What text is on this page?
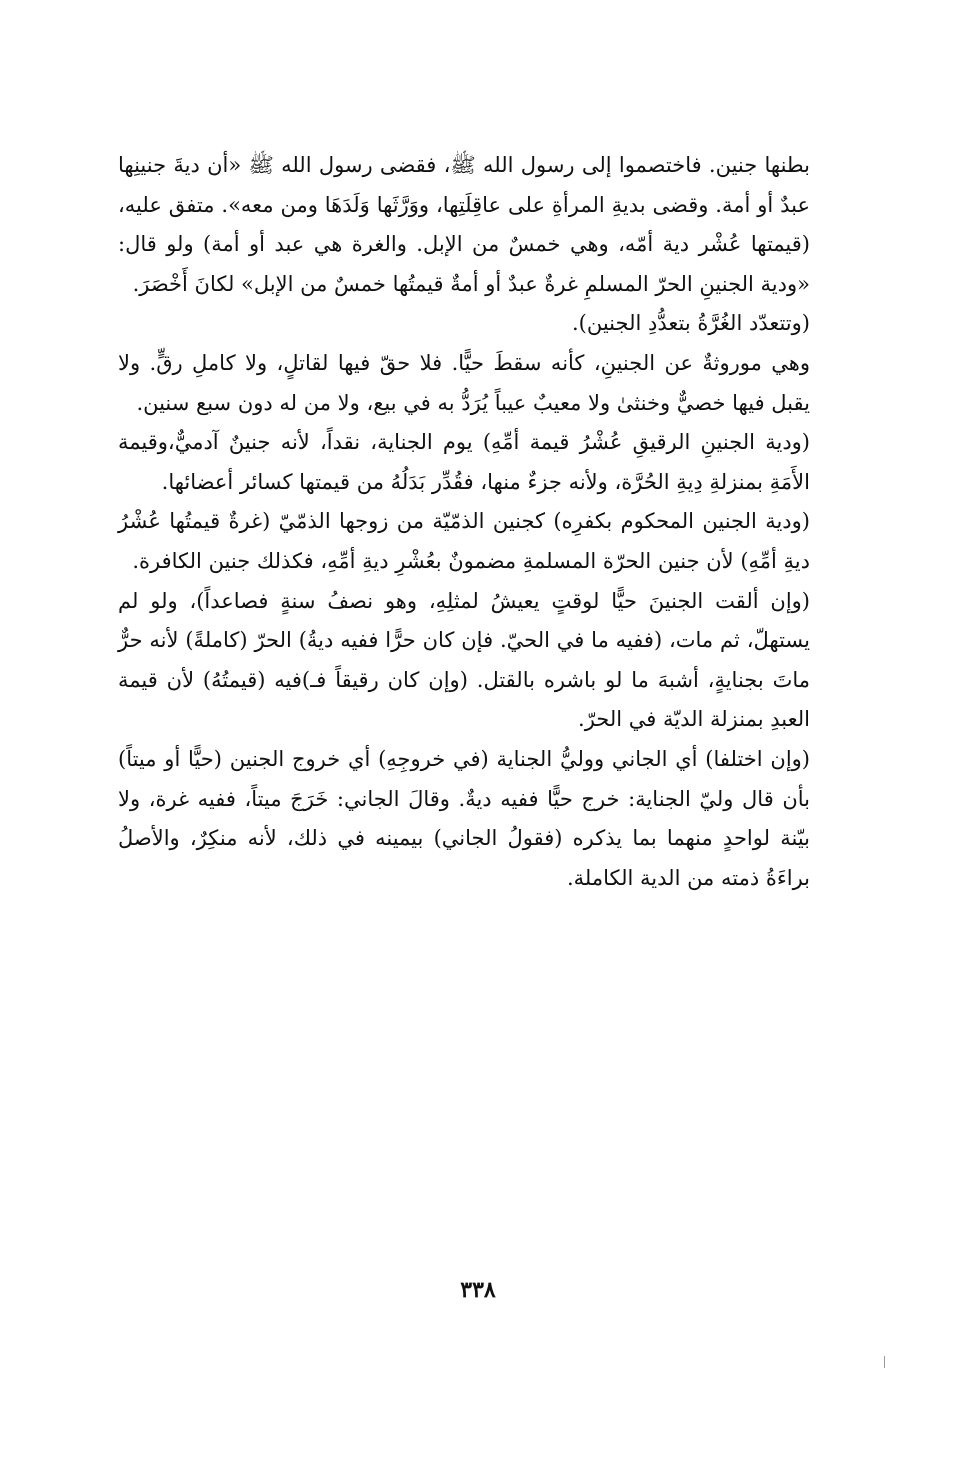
بطنها جنين. فاختصموا إلى رسول الله ﷺ، فقضى رسول الله ﷺ «أن ديةَ جنينِها عبدٌ أو أمة. وقضى بديةِ المرأةِ على عاقِلَتِها، ووَرَّثَها وَلَدَهَا ومن معه». متفق عليه، (قيمتها عُشْر دية أمّه، وهي خمسٌ من الإبل. والغرة هي عبد أو أمة) ولو قال: «ودية الجنينِ الحرّ المسلمِ غرةٌ عبدٌ أو أمةٌ قيمتُها خمسٌ من الإبل» لكانَ أَخْصَرَ.

(وتتعدّد الغُرَّةُ بتعدُّدِ الجنين).

وهي موروثةٌ عن الجنينِ، كأنه سقطَ حيًّا. فلا حقّ فيها لقاتلٍ، ولا كاملِ رقٍّ. ولا يقبل فيها خصيٌّ وخنثىٰ ولا معيبٌ عيباً يُرَدُّ به في بيع، ولا من له دون سبع سنين.

(ودية الجنينِ الرقيقِ عُشْرُ قيمة أمِّهِ) يوم الجناية، نقداً، لأنه جنينٌ آدميٌّ،وقيمة الأَمَةِ بمنزلةِ دِيةِ الحُرَّة، ولأنه جزءٌ منها، فقُدِّر بَدَلُهُ من قيمتها كسائر أعضائها.

(ودية الجنين المحكوم بكفرِه) كجنين الذمّيّة من زوجها الذمّيّ (غرةٌ قيمتُها عُشْرُ ديةِ أمِّهِ) لأن جنين الحرّة المسلمةِ مضمونٌ بعُشْرِ ديةِ أمِّهِ، فكذلك جنين الكافرة.

(وإن ألقت الجنينَ حيًّا لوقتٍ يعيشُ لمثلِهِ، وهو نصفُ سنةٍ فصاعداً)، ولو لم يستهلّ، ثم مات، (ففيه ما في الحيّ. فإن كان حرًّا ففيه ديةُ) الحرّ (كاملةً) لأنه حرٌّ ماتَ بجنايةٍ، أشبهَ ما لو باشره بالقتل. (وإن كان رقيقاً فـ)فيه (قيمتُهُ) لأن قيمة العبدِ بمنزلة الديّة في الحرّ.

(وإن اختلفا) أي الجاني ووليُّ الجناية (في خروجِهِ) أي خروج الجنين (حيًّا أو ميتاً) بأن قال وليّ الجناية: خرج حيًّا ففيه ديةٌ. وقالَ الجاني: خَرَجَ ميتاً، ففيه غرة، ولا بيّنة لواحدٍ منهما بما يذكره (فقولُ الجاني) بيمينه في ذلك، لأنه منكِرٌ، والأصلُ براءَةُ ذمته من الدية الكاملة.

٣٣٨
